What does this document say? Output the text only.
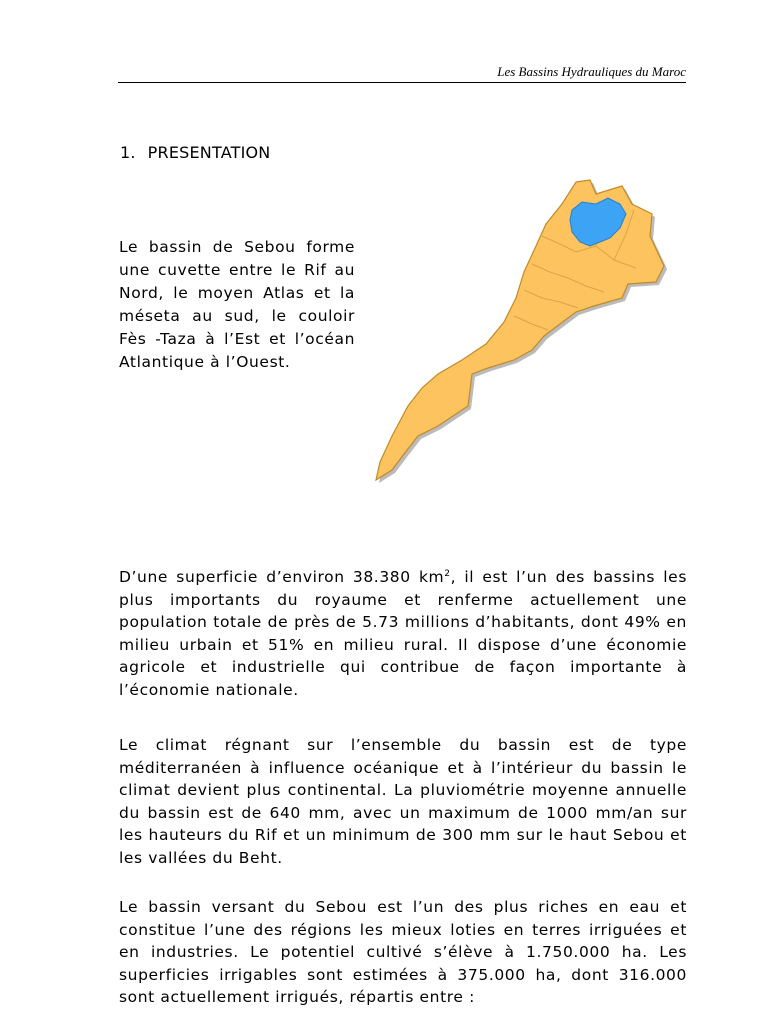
Les Bassins Hydrauliques du Maroc
1. PRESENTATION

Le bassin de Sebou forme une cuvette entre le Rif au Nord, le moyen Atlas et la méseta au sud, le couloir Fès -Taza à l’Est et l’océan Atlantique à l’Ouest.

D’une superficie d’environ 38.380 $km^2$, il est l’un des bassins les plus importants du royaume et renferme actuellement une population totale de près de 5.73 millions d’habitants, dont 49% en milieu urbain et 51% en milieu rural. Il dispose d’une économie agricole et industrielle qui contribue de façon importante à l’économie nationale.

Le climat régnant sur l’ensemble du bassin est de type méditerranéen à influence océanique et à l’intérieur du bassin le climat devient plus continental. La pluviométrie moyenne annuelle du bassin est de 640 mm, avec un maximum de 1000 mm/an sur les hauteurs du Rif et un minimum de 300 mm sur le haut Sebou et les vallées du Beht.

Le bassin versant du Sebou est l’un des plus riches en eau et constitue l’une des régions les mieux loties en terres irriguées et en industries. Le potentiel cultivé s’élève à 1.750.000 ha. Les superficies irrigables sont estimées à 375.000 ha, dont 316.000 sont actuellement irrigués, répartis entre :
